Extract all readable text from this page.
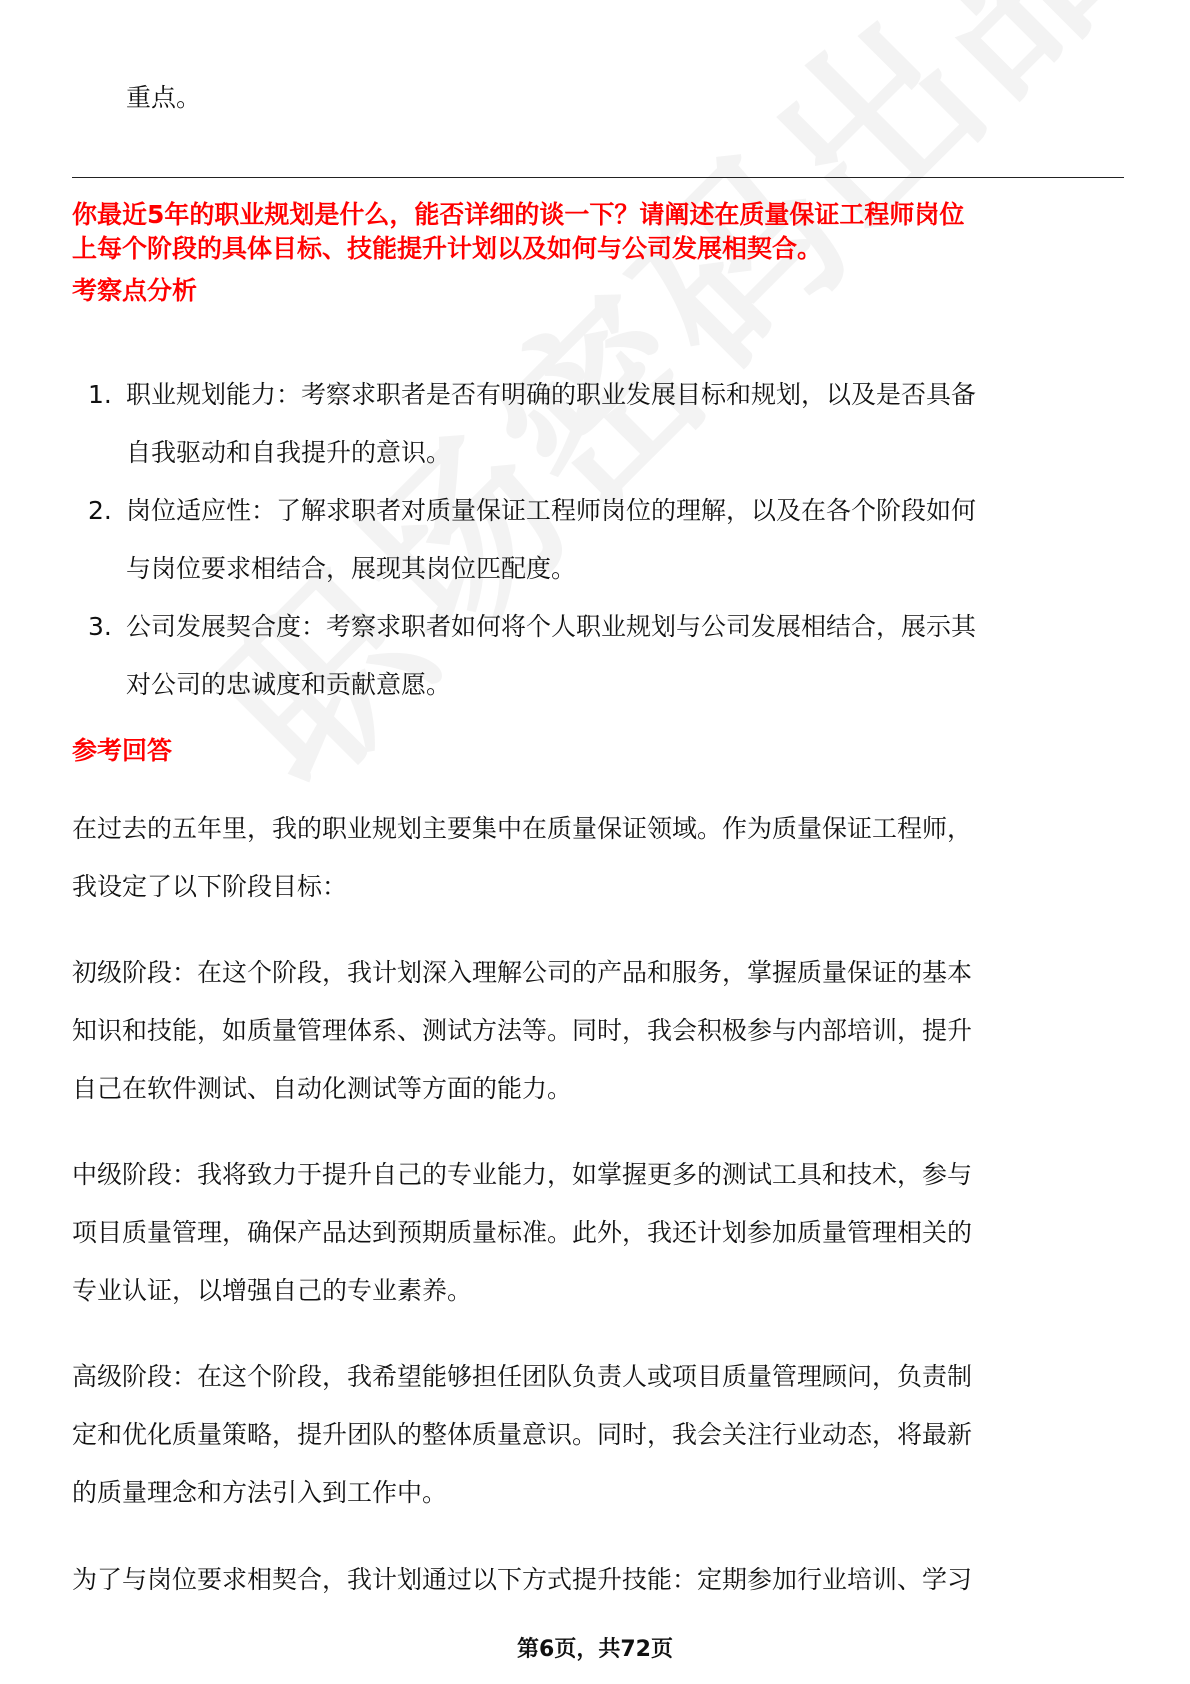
重点。
你最近5年的职业规划是什么，能否详细的谈一下？请阐述在质量保证工程师岗位
上每个阶段的具体目标、技能提升计划以及如何与公司发展相契合。
考察点分析
1. 职业规划能力：考察求职者是否有明确的职业发展目标和规划，以及是否具备
自我驱动和自我提升的意识。
2. 岗位适应性：了解求职者对质量保证工程师岗位的理解，以及在各个阶段如何
与岗位要求相结合，展现其岗位匹配度。
3. 公司发展契合度：考察求职者如何将个人职业规划与公司发展相结合，展示其
对公司的忠诚度和贡献意愿。
参考回答
在过去的五年里，我的职业规划主要集中在质量保证领域。作为质量保证工程师，
我设定了以下阶段目标：
初级阶段：在这个阶段，我计划深入理解公司的产品和服务，掌握质量保证的基本
知识和技能，如质量管理体系、测试方法等。同时，我会积极参与内部培训，提升
自己在软件测试、自动化测试等方面的能力。
中级阶段：我将致力于提升自己的专业能力，如掌握更多的测试工具和技术，参与
项目质量管理，确保产品达到预期质量标准。此外，我还计划参加质量管理相关的
专业认证，以增强自己的专业素养。
高级阶段：在这个阶段，我希望能够担任团队负责人或项目质量管理顾问，负责制
定和优化质量策略，提升团队的整体质量意识。同时，我会关注行业动态，将最新
的质量理念和方法引入到工作中。
为了与岗位要求相契合，我计划通过以下方式提升技能：定期参加行业培训、学习
第6页，共72页
